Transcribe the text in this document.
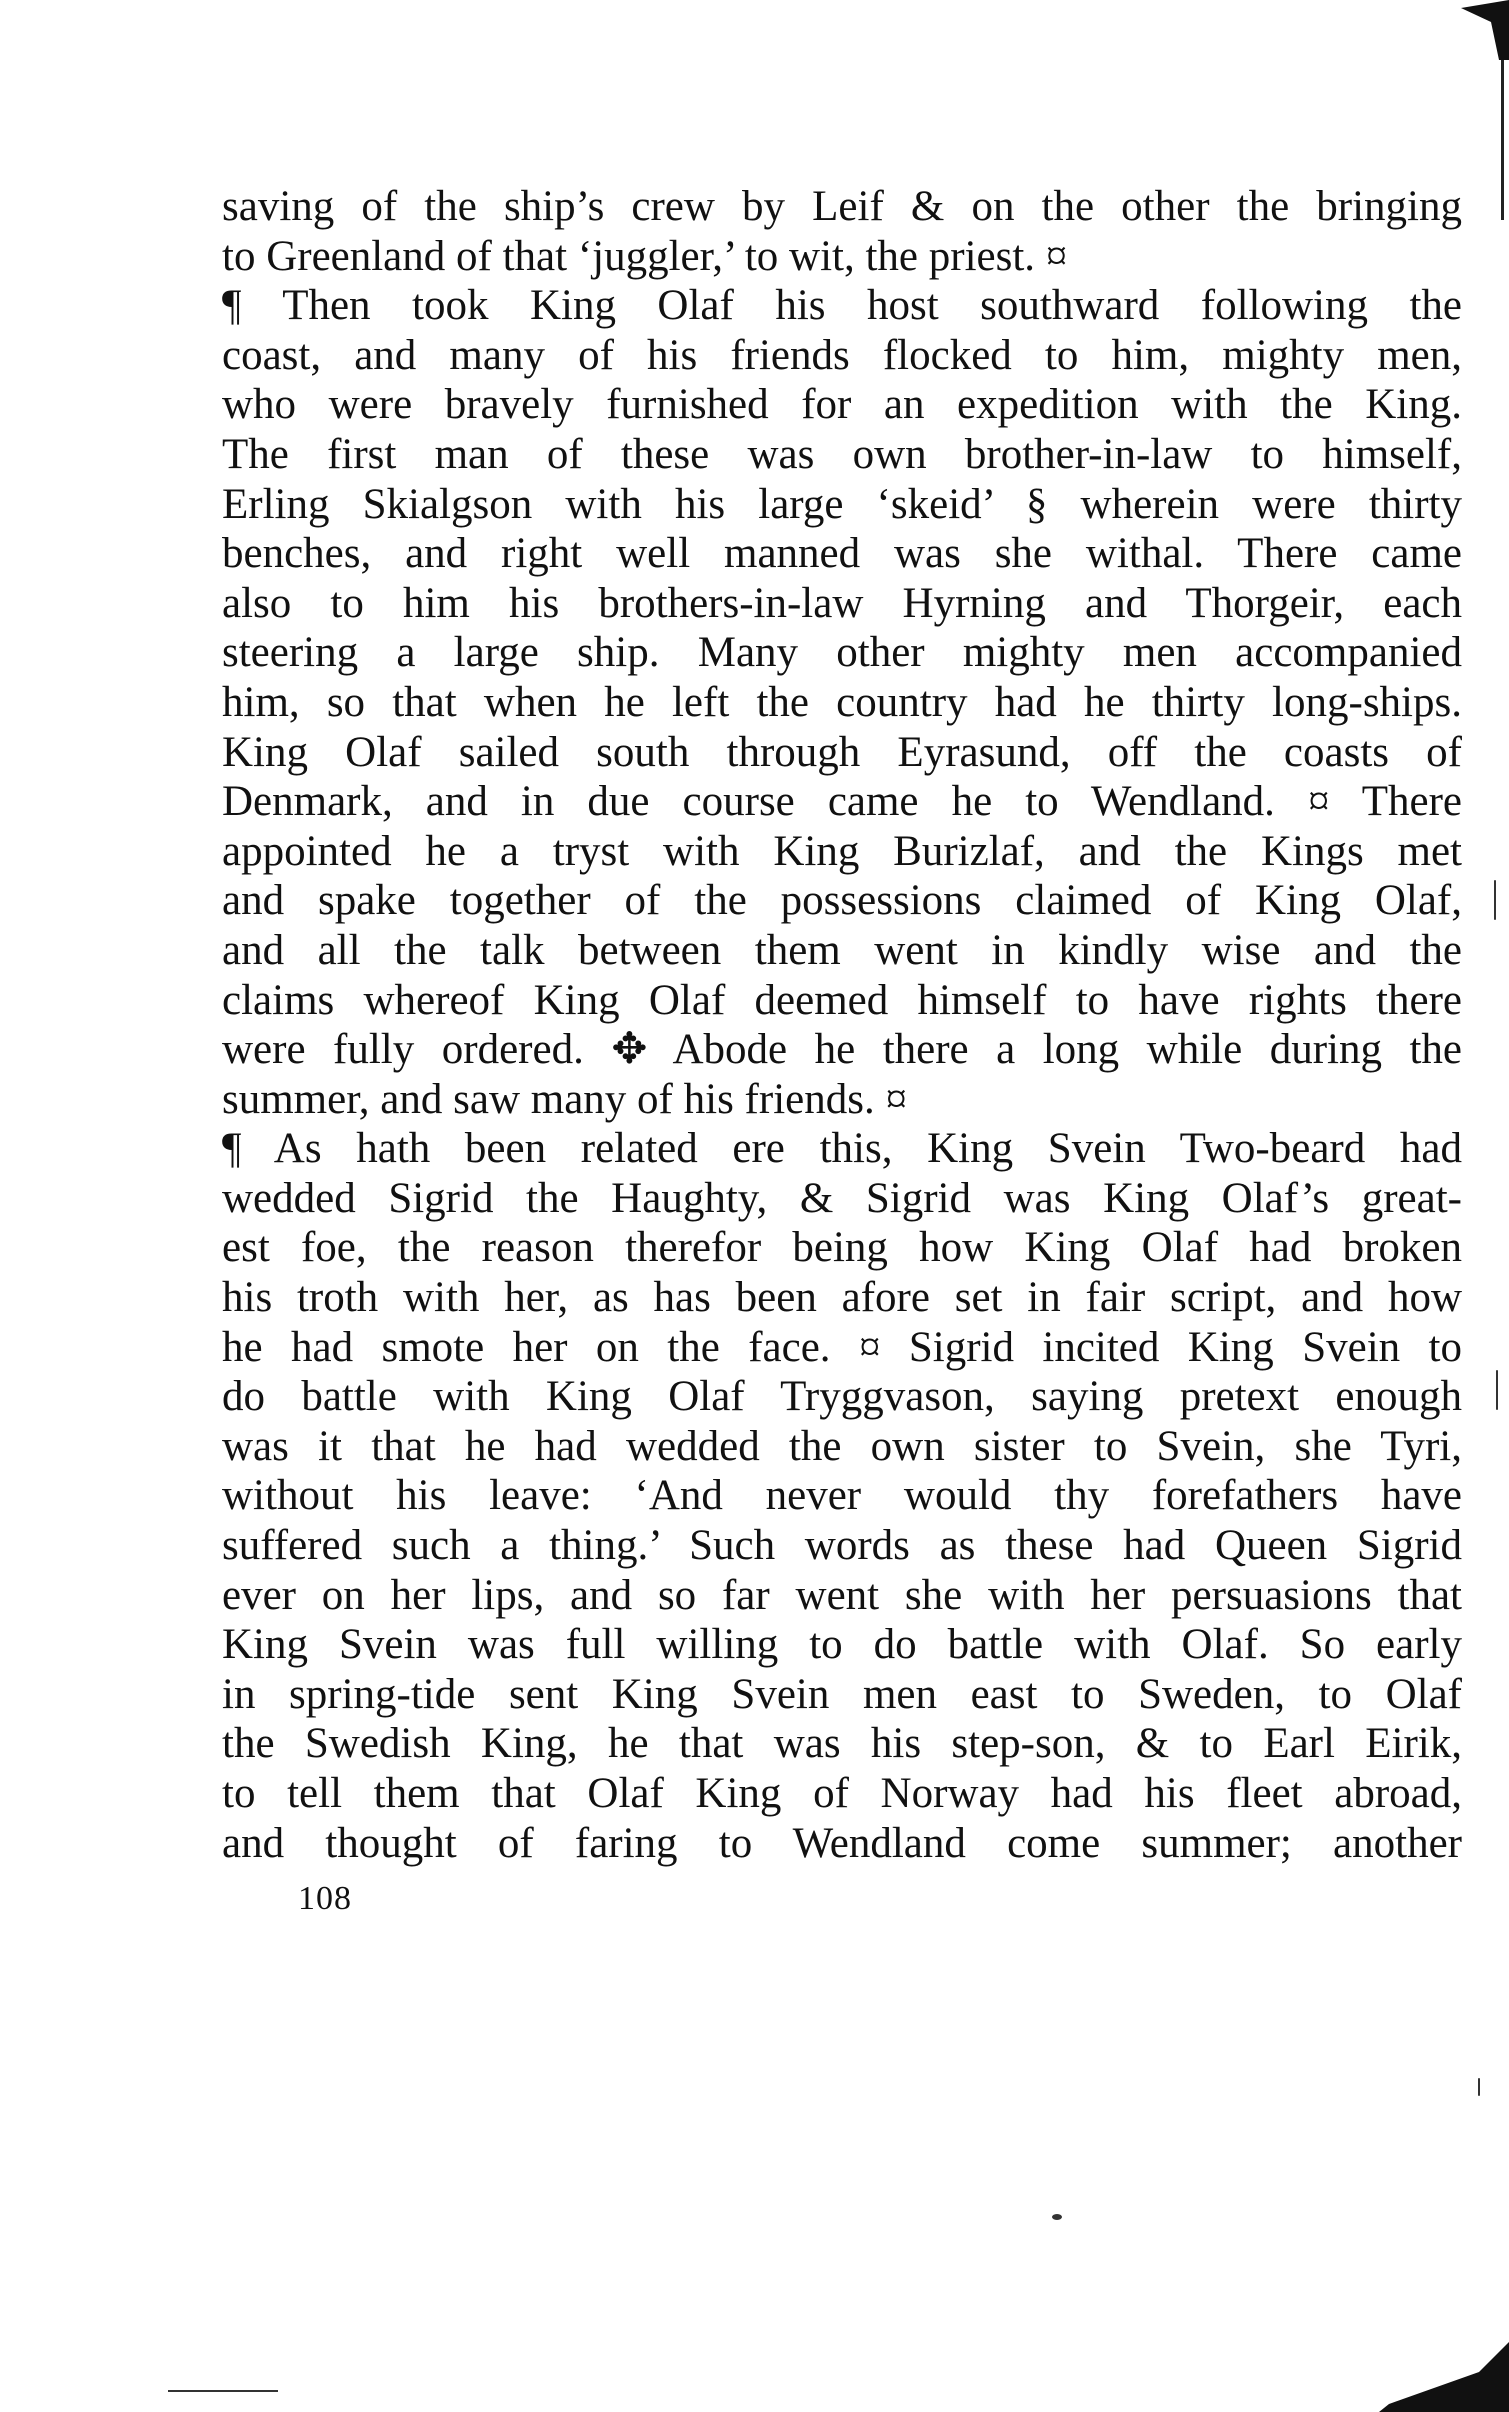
saving of the ship’s crew by Leif & on the other the bringing
to Greenland of that ‘juggler,’ to wit, the priest. ¤
¶ Then took King Olaf his host southward following the
coast, and many of his friends flocked to him, mighty men,
who were bravely furnished for an expedition with the King.
The first man of these was own brother-in-law to himself,
Erling Skialgson with his large ‘skeid’ § wherein were thirty
benches, and right well manned was she withal. There came
also to him his brothers-in-law Hyrning and Thorgeir, each
steering a large ship. Many other mighty men accompanied
him, so that when he left the country had he thirty long-ships.
King Olaf sailed south through Eyrasund, off the coasts of
Denmark, and in due course came he to Wendland. ¤ There
appointed he a tryst with King Burizlaf, and the Kings met
and spake together of the possessions claimed of King Olaf,
and all the talk between them went in kindly wise and the
claims whereof King Olaf deemed himself to have rights there
were fully ordered. ✥ Abode he there a long while during the
summer, and saw many of his friends. ¤
¶ As hath been related ere this, King Svein Two-beard had
wedded Sigrid the Haughty, & Sigrid was King Olaf’s great-
est foe, the reason therefor being how King Olaf had broken
his troth with her, as has been afore set in fair script, and how
he had smote her on the face. ¤ Sigrid incited King Svein to
do battle with King Olaf Tryggvason, saying pretext enough
was it that he had wedded the own sister to Svein, she Tyri,
without his leave: ‘And never would thy forefathers have
suffered such a thing.’ Such words as these had Queen Sigrid
ever on her lips, and so far went she with her persuasions that
King Svein was full willing to do battle with Olaf. So early
in spring-tide sent King Svein men east to Sweden, to Olaf
the Swedish King, he that was his step-son, & to Earl Eirik,
to tell them that Olaf King of Norway had his fleet abroad,
and thought of faring to Wendland come summer; another
108
